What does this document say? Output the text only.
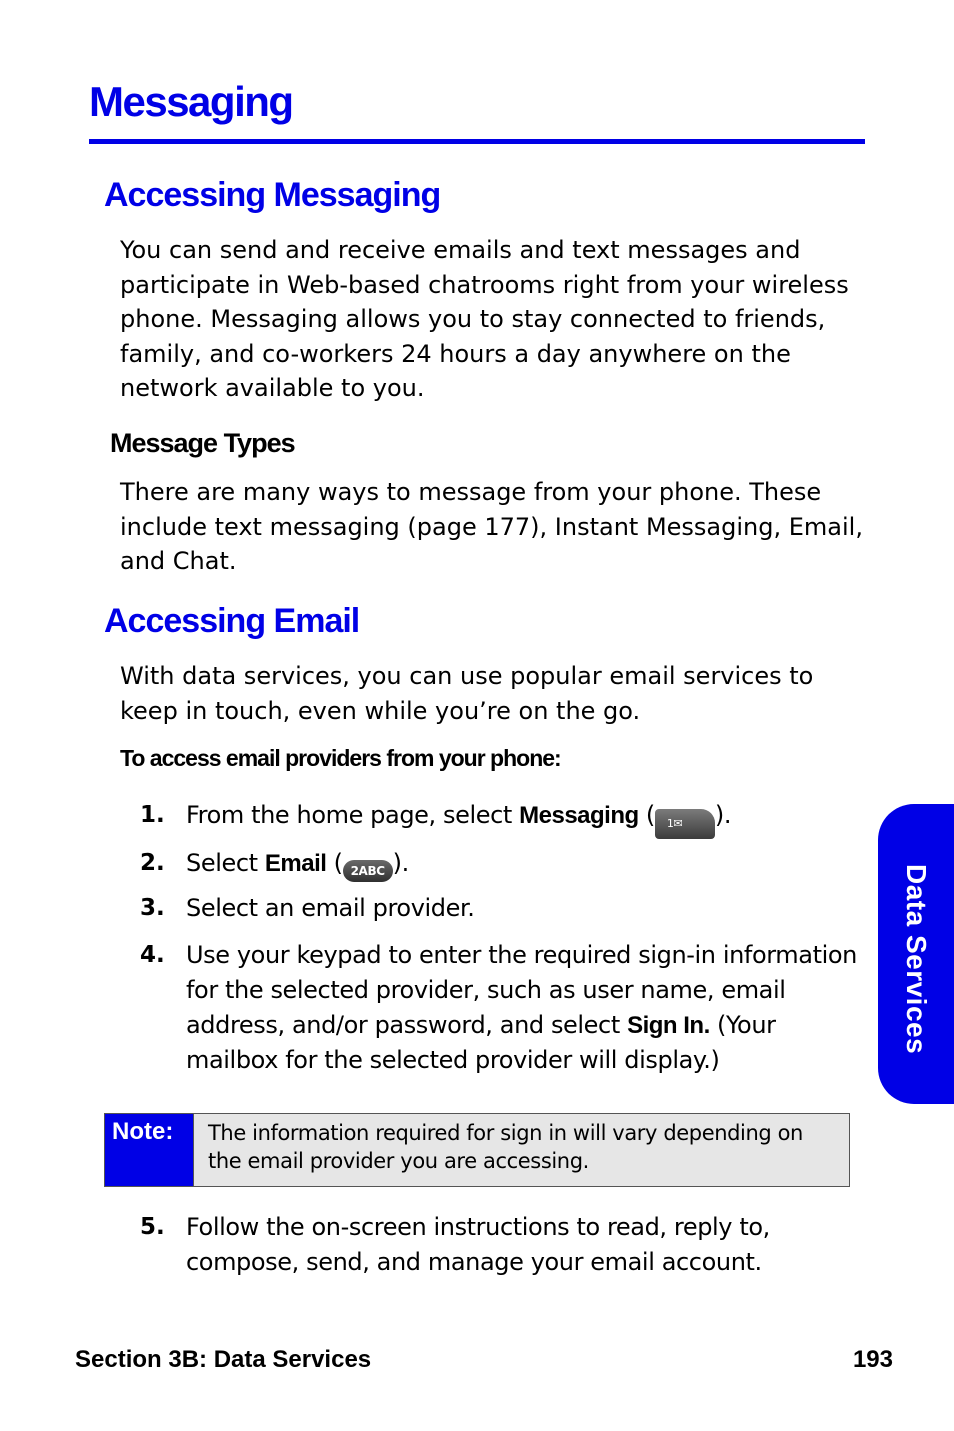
Messaging
Accessing Messaging

You can send and receive emails and text messages and participate in Web-based chatrooms right from your wireless phone. Messaging allows you to stay connected to friends, family, and co-workers 24 hours a day anywhere on the network available to you.

Message Types

There are many ways to message from your phone. These include text messaging (page 177), Instant Messaging, Email, and Chat.

Accessing Email

With data services, you can use popular email services to keep in touch, even while you’re on the go.

To access email providers from your phone:

1. From the home page, select Messaging ( 1✉ ).
2. Select Email ( 2ABC ).
3. Select an email provider.
4. Use your keypad to enter the required sign-in information for the selected provider, such as user name, email address, and/or password, and select Sign In. (Your mailbox for the selected provider will display.)
Note:	The information required for sign in will vary depending on the email provider you are accessing.
5. Follow the on-screen instructions to read, reply to, compose, send, and manage your email account.
Data Services
Section 3B: Data Services	193
